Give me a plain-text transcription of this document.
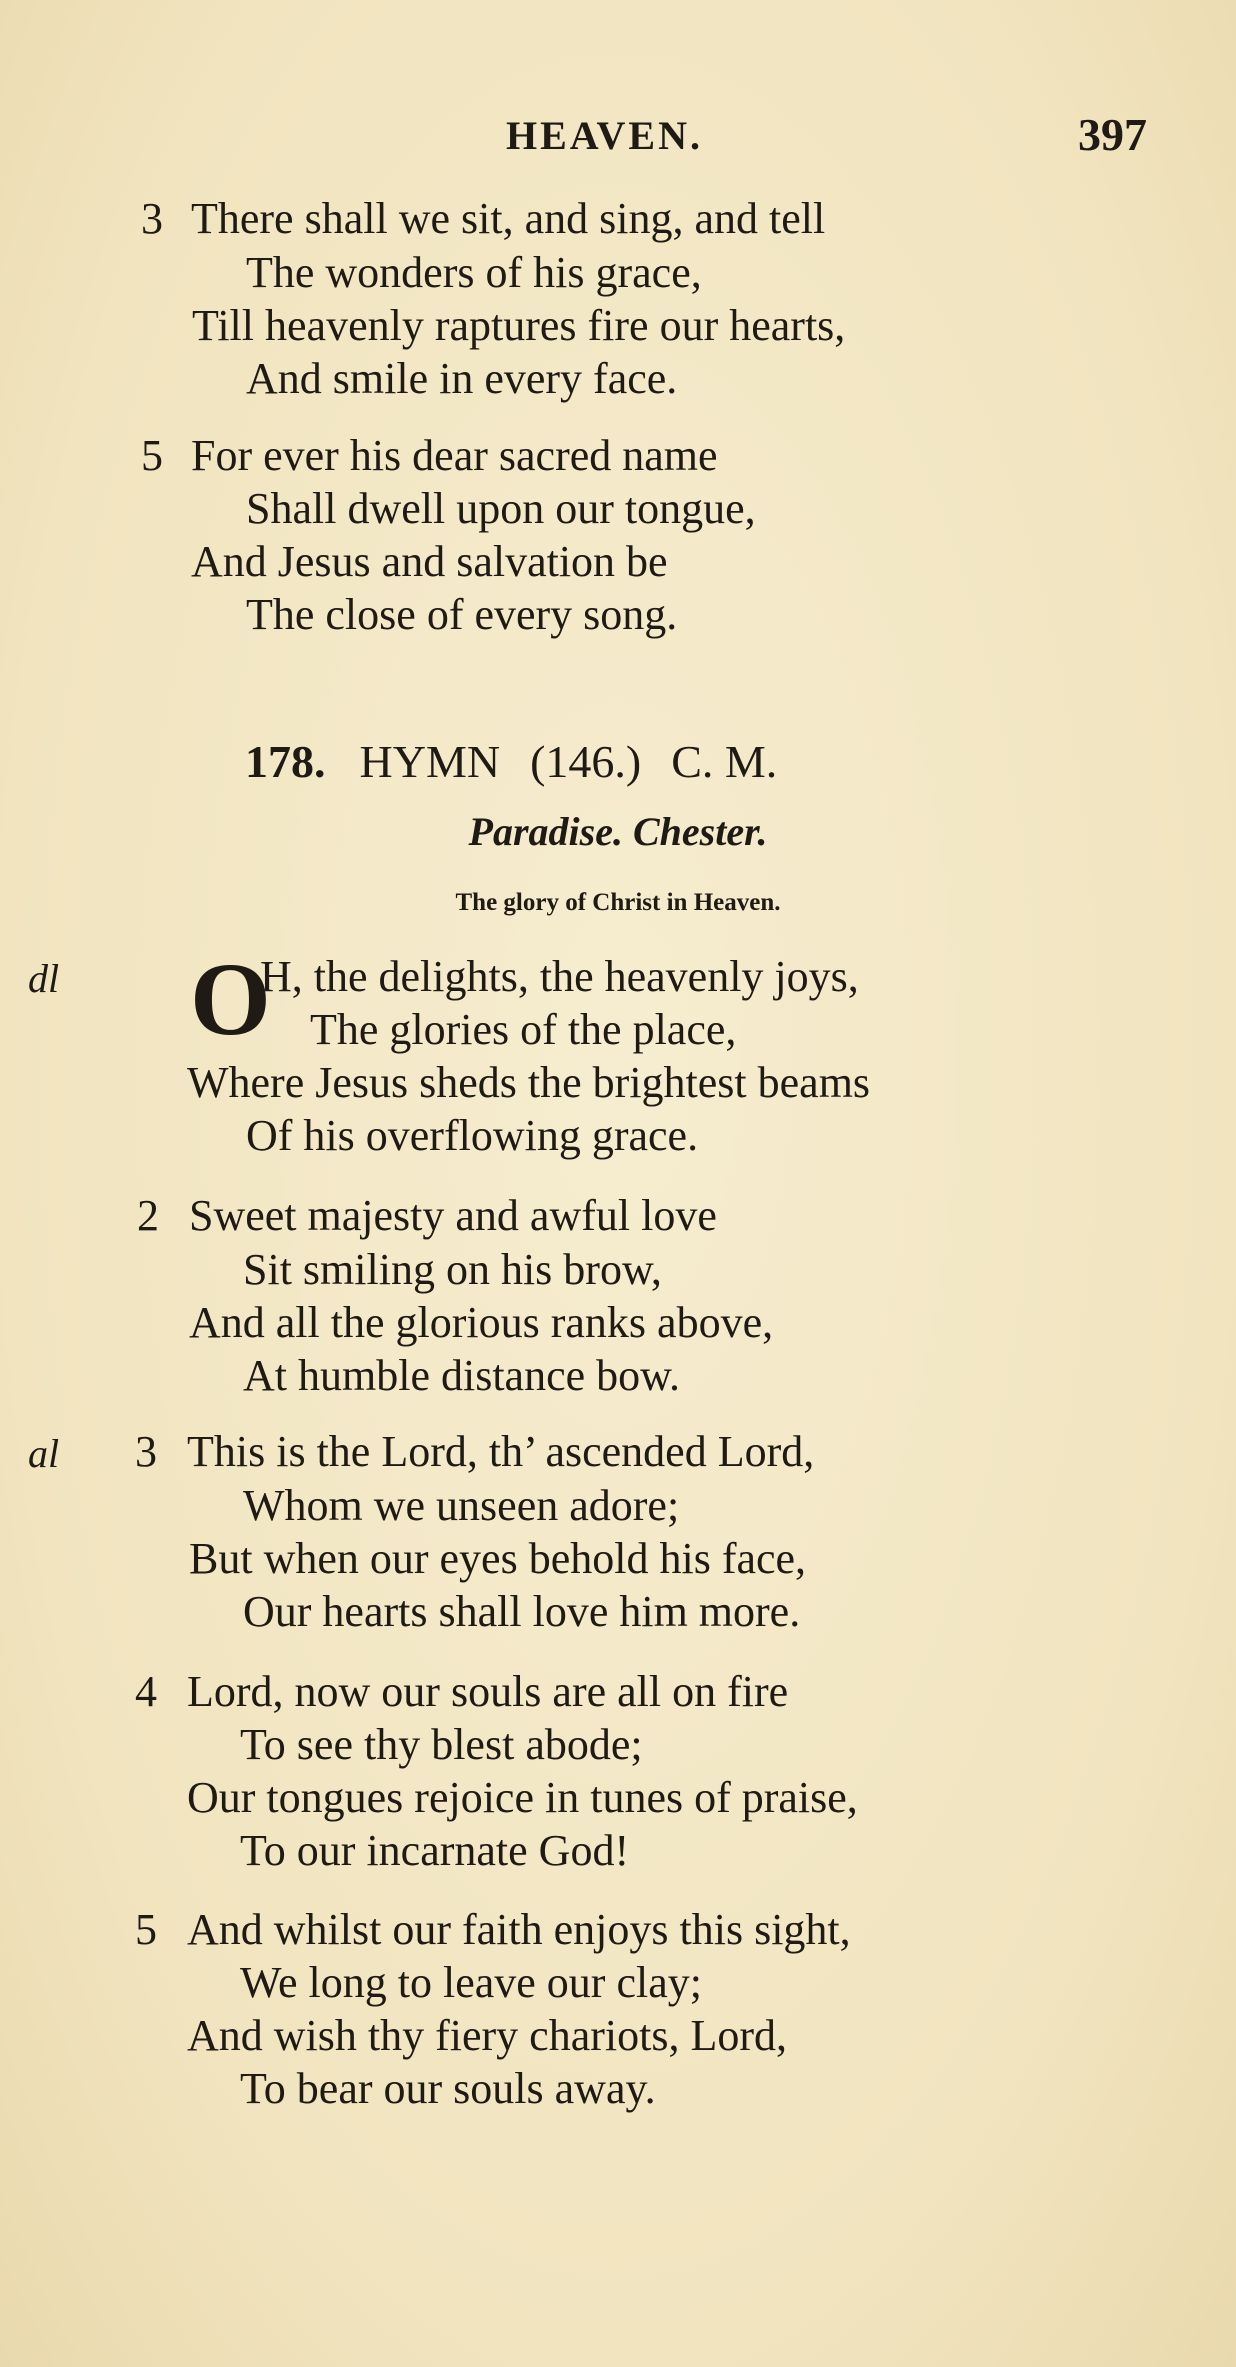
HEAVEN.	397
3 There shall we sit, and sing, and tell
The wonders of his grace,
Till heavenly raptures fire our hearts,
And smile in every face.
5 For ever his dear sacred name
Shall dwell upon our tongue,
And Jesus and salvation be
The close of every song.
178. HYMN (146.) C. M.
Paradise. Chester.
The glory of Christ in Heaven.
dl O
H, the delights, the heavenly joys,
The glories of the place,
Where Jesus sheds the brightest beams
Of his overflowing grace.
2 Sweet majesty and awful love
Sit smiling on his brow,
And all the glorious ranks above,
At humble distance bow.
al 3 This is the Lord, th’ ascended Lord,
Whom we unseen adore;
But when our eyes behold his face,
Our hearts shall love him more.
4 Lord, now our souls are all on fire
To see thy blest abode;
Our tongues rejoice in tunes of praise,
To our incarnate God!
5 And whilst our faith enjoys this sight,
We long to leave our clay;
And wish thy fiery chariots, Lord,
To bear our souls away.
